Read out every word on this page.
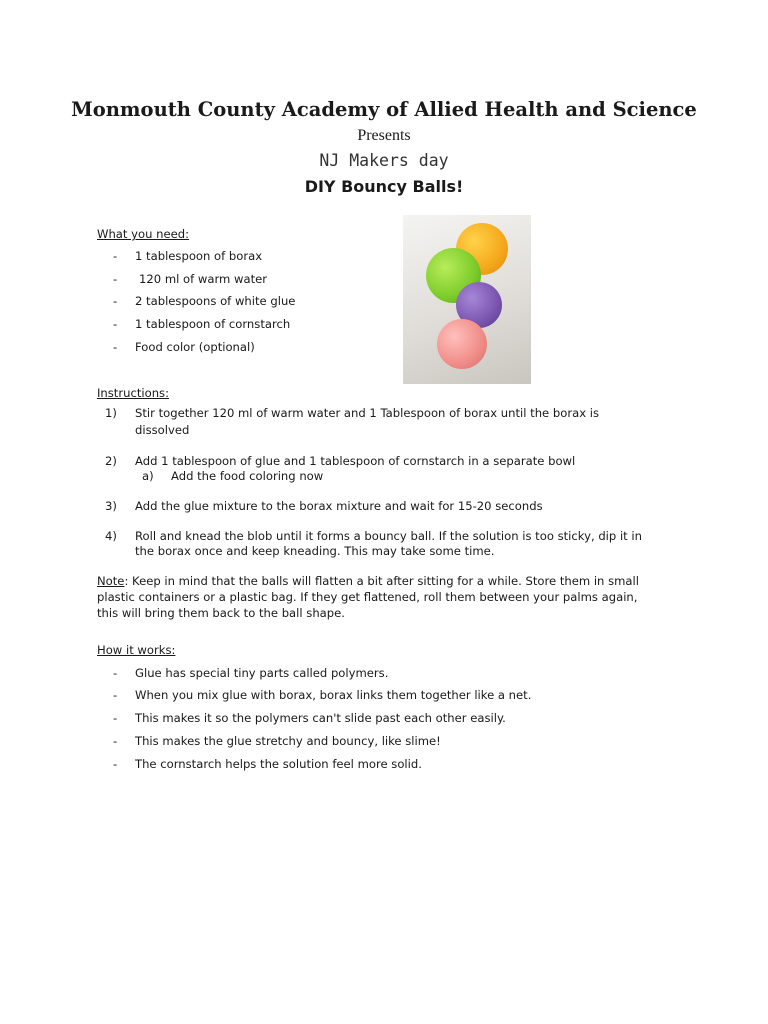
Monmouth County Academy of Allied Health and Science
Presents
NJ Makers day
DIY Bouncy Balls!
What you need:
- 1 tablespoon of borax
- 120 ml of warm water
- 2 tablespoons of white glue
- 1 tablespoon of cornstarch
- Food color (optional)
Instructions:
1) Stir together 120 ml of warm water and 1 Tablespoon of borax until the borax is
dissolved
2) Add 1 tablespoon of glue and 1 tablespoon of cornstarch in a separate bowl
a) Add the food coloring now
3) Add the glue mixture to the borax mixture and wait for 15-20 seconds
4) Roll and knead the blob until it forms a bouncy ball. If the solution is too sticky, dip it in
the borax once and keep kneading. This may take some time.
Note: Keep in mind that the balls will flatten a bit after sitting for a while. Store them in small
plastic containers or a plastic bag. If they get flattened, roll them between your palms again,
this will bring them back to the ball shape.
How it works:
- Glue has special tiny parts called polymers.
- When you mix glue with borax, borax links them together like a net.
- This makes it so the polymers can't slide past each other easily.
- This makes the glue stretchy and bouncy, like slime!
- The cornstarch helps the solution feel more solid.
